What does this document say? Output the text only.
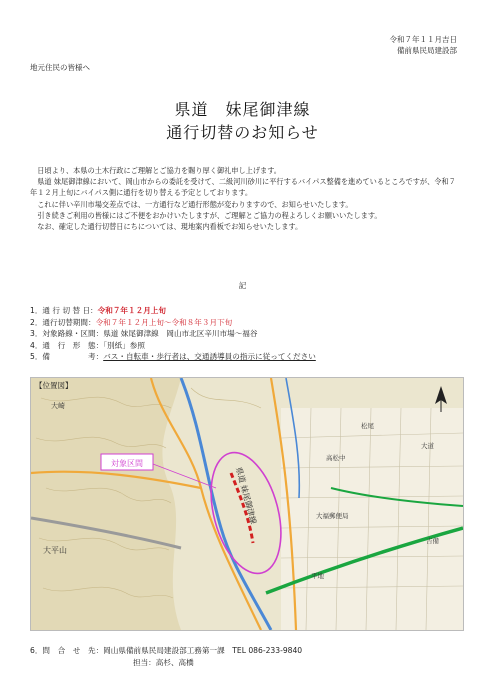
令和７年１１月吉日
備前県民局建設部
地元住民の皆様へ
県道　妹尾御津線
通行切替のお知らせ

　日頃より、本県の土木行政にご理解とご協力を賜り厚く御礼申し上げます。

　県道 妹尾御津線において、岡山市からの委託を受けて、二級河川砂川に平行するバイパス整備を進めているところですが、令和７年１２月上旬にバイパス側に通行を切り替える予定としております。

　これに伴い辛川市場交差点では、一方通行など通行形態が変わりますので、お知らせいたします。

　引き続きご利用の皆様にはご不便をおかけいたしますが、ご理解とご協力の程よろしくお願いいたします。

　なお、確定した通行切替日にちについては、現地案内看板でお知らせいたします。

記
1．通 行 切 替 日：令和７年１２月上旬
2．通行切替期間：令和７年１２月上旬～令和８年３月下旬
3．対象路線・区間：県道 妹尾御津線　岡山市北区辛川市場～福谷
4．通　行　形　態：「別紙」参照
5．備　　　　　考：バス・自転車・歩行者は、交通誘導員の指示に従ってください
対象区間
【位置図】
県道 妹尾御津線
大崎
大平山
高松中
大福郵便局
大道
松尾
平地
吉備
6．問　合　せ　先：岡山県備前県民局建設部工務第一課　TEL 086-233-9840
担当：高杉、高橋
